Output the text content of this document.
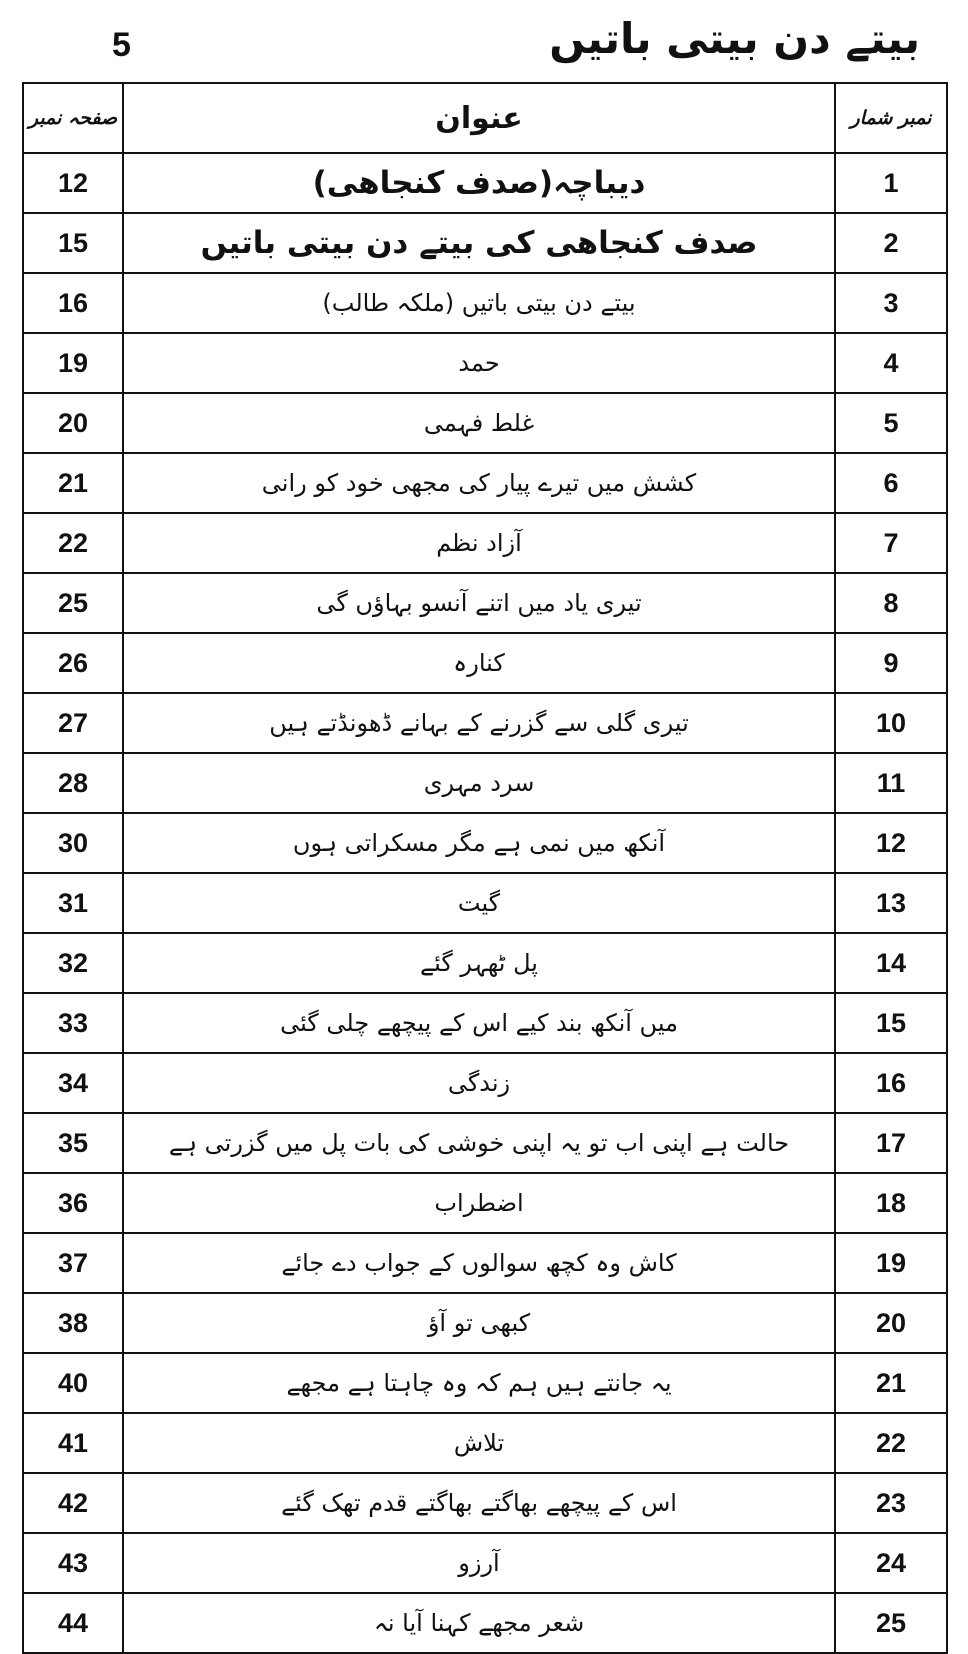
5	بیتے دن بیتی باتیں
صفحہ نمبر	عنوان	نمبر شمار
12	دیباچہ(صدف کنجاھی)	1
15	صدف کنجاھی کی بیتے دن بیتی باتیں	2
16	بیتے دن بیتی باتیں (ملکہ طالب)	3
19	حمد	4
20	غلط فہمی	5
21	کشش میں تیرے پیار کی مجھی خود کو رانی	6
22	آزاد نظم	7
25	تیری یاد میں اتنے آنسو بہاؤں گی	8
26	کنارہ	9
27	تیری گلی سے گزرنے کے بہانے ڈھونڈتے ہیں	10
28	سرد مہری	11
30	آنکھ میں نمی ہے مگر مسکراتی ہوں	12
31	گیت	13
32	پل ٹھہر گئے	14
33	میں آنکھ بند کیے اس کے پیچھے چلی گئی	15
34	زندگی	16
35	حالت ہے اپنی اب تو یہ اپنی خوشی کی بات پل میں گزرتی ہے	17
36	اضطراب	18
37	کاش وہ کچھ سوالوں کے جواب دے جائے	19
38	کبھی تو آؤ	20
40	یہ جانتے ہیں ہم کہ وہ چاہتا ہے مجھے	21
41	تلاش	22
42	اس کے پیچھے بھاگتے بھاگتے قدم تھک گئے	23
43	آرزو	24
44	شعر مجھے کہنا آیا نہ	25
